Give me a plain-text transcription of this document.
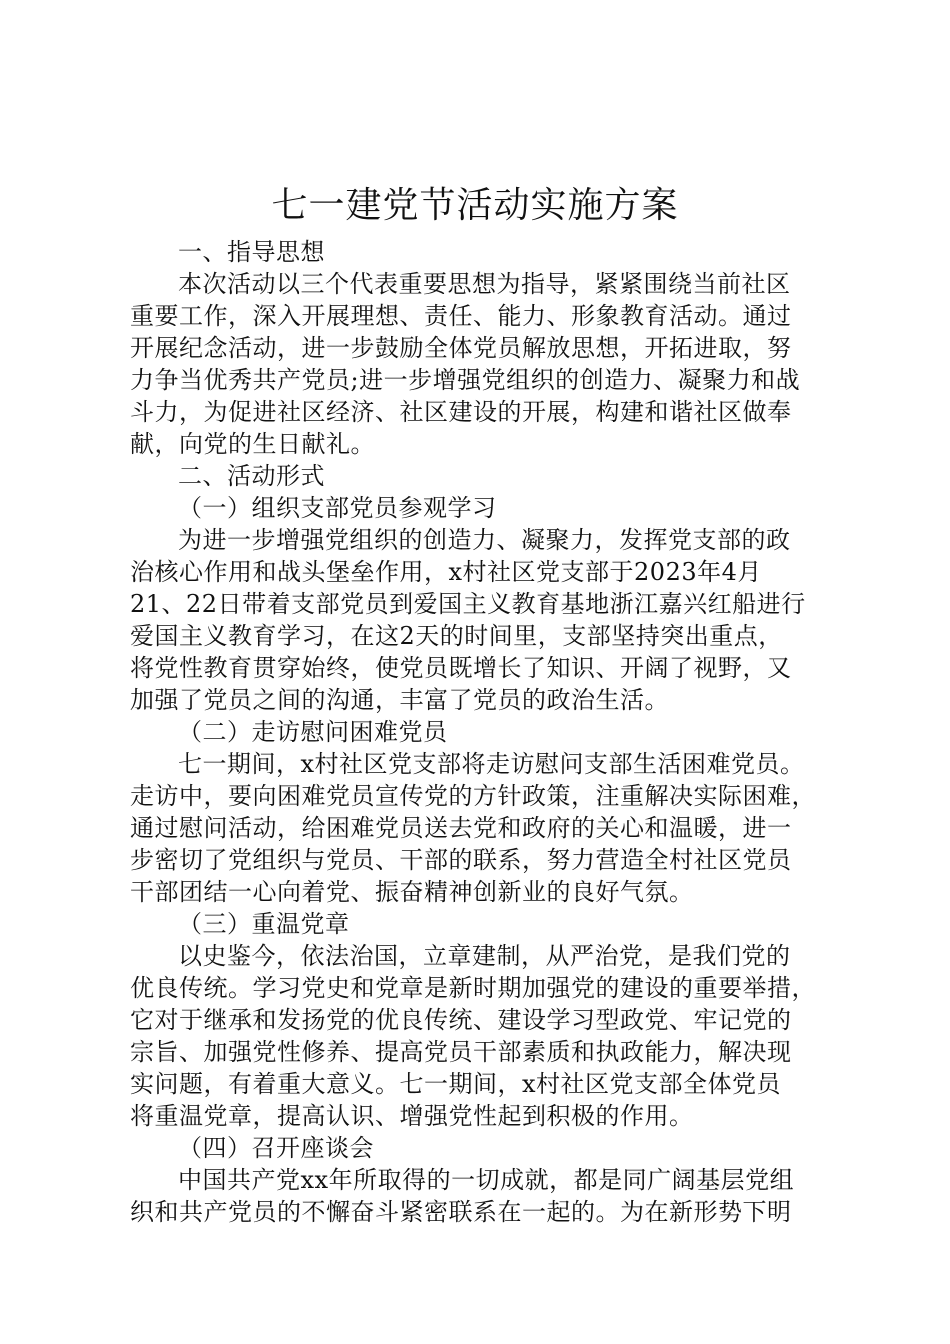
七一建党节活动实施方案
一、指导思想
本次活动以三个代表重要思想为指导，紧紧围绕当前社区
重要工作，深入开展理想、责任、能力、形象教育活动。通过
开展纪念活动，进一步鼓励全体党员解放思想，开拓进取，努
力争当优秀共产党员;进一步增强党组织的创造力、凝聚力和战
斗力，为促进社区经济、社区建设的开展，构建和谐社区做奉
献，向党的生日献礼。
二、活动形式
（一）组织支部党员参观学习
为进一步增强党组织的创造力、凝聚力，发挥党支部的政
治核心作用和战头堡垒作用，x村社区党支部于2023年4月
21、22日带着支部党员到爱国主义教育基地浙江嘉兴红船进行
爱国主义教育学习，在这2天的时间里，支部坚持突出重点，
将党性教育贯穿始终，使党员既增长了知识、开阔了视野，又
加强了党员之间的沟通，丰富了党员的政治生活。
（二）走访慰问困难党员
七一期间，x村社区党支部将走访慰问支部生活困难党员。
走访中，要向困难党员宣传党的方针政策，注重解决实际困难，
通过慰问活动，给困难党员送去党和政府的关心和温暖，进一
步密切了党组织与党员、干部的联系，努力营造全村社区党员
干部团结一心向着党、振奋精神创新业的良好气氛。
（三）重温党章
以史鉴今，依法治国，立章建制，从严治党，是我们党的
优良传统。学习党史和党章是新时期加强党的建设的重要举措，
它对于继承和发扬党的优良传统、建设学习型政党、牢记党的
宗旨、加强党性修养、提高党员干部素质和执政能力，解决现
实问题，有着重大意义。七一期间，x村社区党支部全体党员
将重温党章，提高认识、增强党性起到积极的作用。
（四）召开座谈会
中国共产党xx年所取得的一切成就，都是同广阔基层党组
织和共产党员的不懈奋斗紧密联系在一起的。为在新形势下明
